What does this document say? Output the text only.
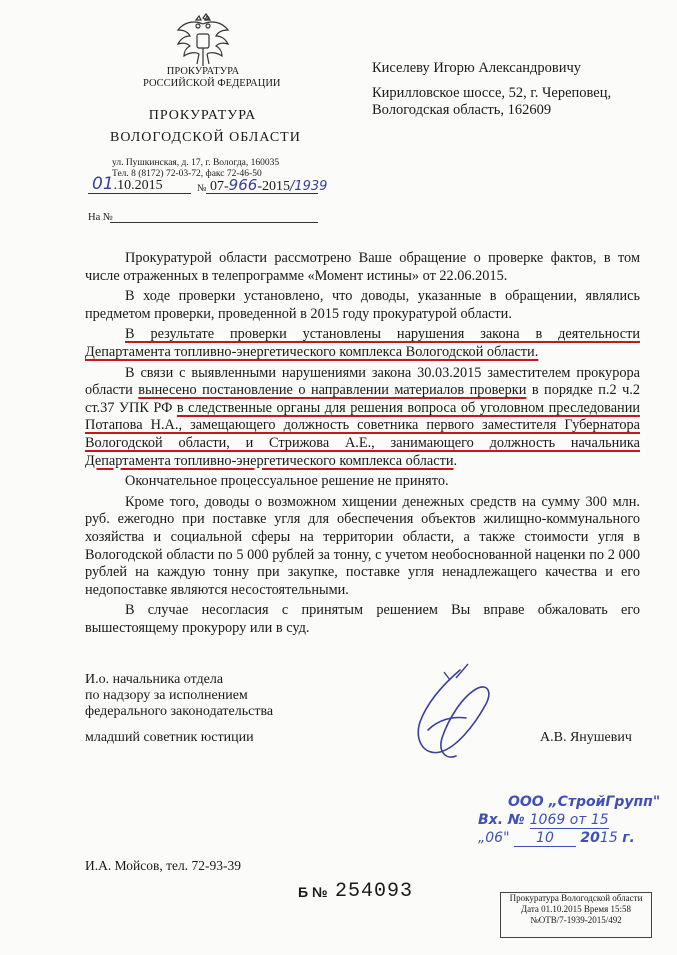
ПРОКУРАТУРА
РОССИЙСКОЙ ФЕДЕРАЦИИ
ПРОКУРАТУРА
ВОЛОГОДСКОЙ ОБЛАСТИ
ул. Пушкинская, д. 17, г. Вологда, 160035
Тел. 8 (8172) 72-03-72, факс 72-46-50
01.10.2015	№ 07-966-2015/1939
На №
Киселеву Игорю Александровичу
Кирилловское шоссе, 52, г. Череповец,
Вологодская область, 162609

Прокуратурой области рассмотрено Ваше обращение о проверке фактов, в том числе отраженных в телепрограмме «Момент истины» от 22.06.2015.

В ходе проверки установлено, что доводы, указанные в обращении, являлись предметом проверки, проведенной в 2015 году прокуратурой области.

В результате проверки установлены нарушения закона в деятельности Департамента топливно-энергетического комплекса Вологодской области.

В связи с выявленными нарушениями закона 30.03.2015 заместителем прокурора области вынесено постановление о направлении материалов проверки в порядке п.2 ч.2 ст.37 УПК РФ в следственные органы для решения вопроса об уголовном преследовании Потапова Н.А., замещающего должность советника первого заместителя Губернатора Вологодской области, и Стрижова А.Е., занимающего должность начальника Департамента топливно-энергетического комплекса области.

Окончательное процессуальное решение не принято.

Кроме того, доводы о возможном хищении денежных средств на сумму 300 млн. руб. ежегодно при поставке угля для обеспечения объектов жилищно-коммунального хозяйства и социальной сферы на территории области, а также стоимости угля в Вологодской области по 5 000 рублей за тонну, с учетом необоснованной наценки по 2 000 рублей на каждую тонну при закупке, поставке угля ненадлежащего качества и его недопоставке являются несостоятельными.

В случае несогласия с принятым решением Вы вправе обжаловать его вышестоящему прокурору или в суд.

И.о. начальника отдела
по надзору за исполнением
федерального законодательства
младший советник юстиции	А.В. Янушевич
ООО „СтройГрупп"
Вх. № 1069 от 15
„06" 10 2015 г.
И.А. Мойсов, тел. 72-93-39
Б № 254093	Прокуратура Вологодской области
Дата 01.10.2015 Время 15:58
№ОТВ/7-1939-2015/492
